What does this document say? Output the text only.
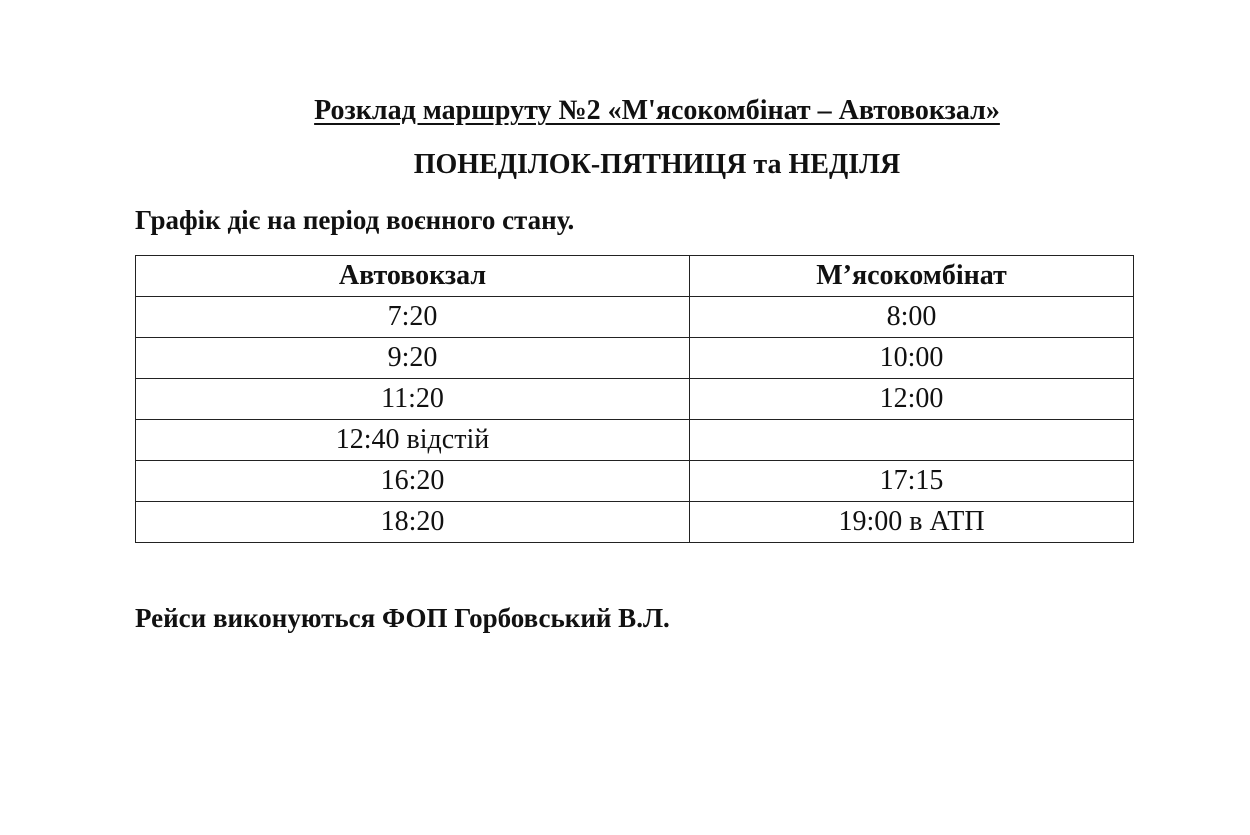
Розклад маршруту №2 «М'ясокомбінат – Автовокзал»
ПОНЕДІЛОК-ПЯТНИЦЯ та НЕДІЛЯ
Графік діє на період воєнного стану.
Автовокзал	М’ясокомбінат
7:20	8:00
9:20	10:00
11:20	12:00
12:40 відстій	
16:20	17:15
18:20	19:00 в АТП
Рейси виконуються ФОП Горбовський В.Л.
